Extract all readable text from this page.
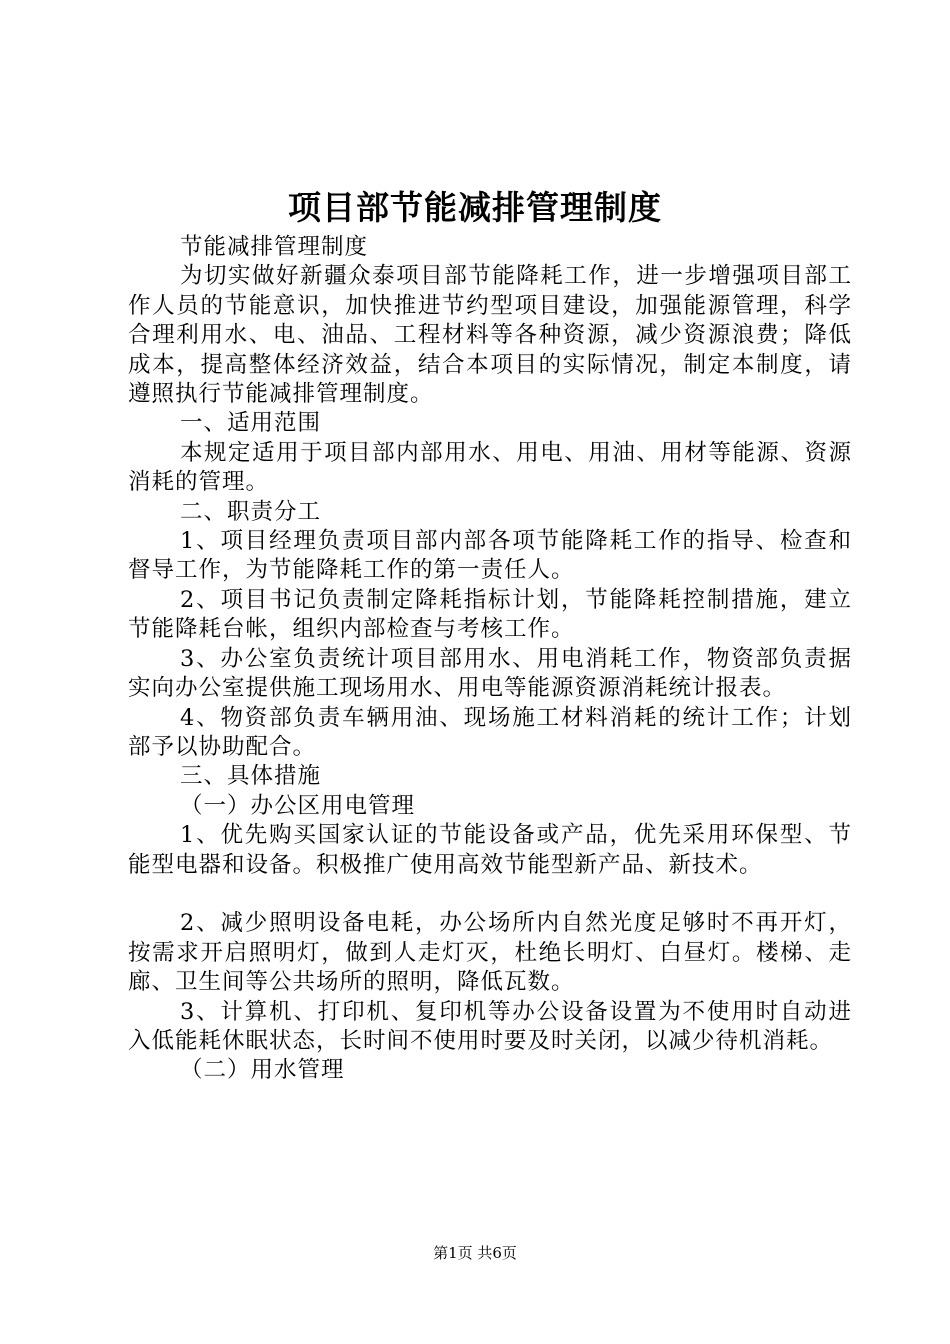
项目部节能减排管理制度

节能减排管理制度

为切实做好新疆众泰项目部节能降耗工作，进一步增强项目部工作人员的节能意识，加快推进节约型项目建设，加强能源管理，科学合理利用水、电、油品、工程材料等各种资源，减少资源浪费；降低成本，提高整体经济效益，结合本项目的实际情况，制定本制度，请遵照执行节能减排管理制度。

一、适用范围

本规定适用于项目部内部用水、用电、用油、用材等能源、资源消耗的管理。

二、职责分工

1、项目经理负责项目部内部各项节能降耗工作的指导、检查和督导工作，为节能降耗工作的第一责任人。

2、项目书记负责制定降耗指标计划，节能降耗控制措施，建立节能降耗台帐，组织内部检查与考核工作。

3、办公室负责统计项目部用水、用电消耗工作，物资部负责据实向办公室提供施工现场用水、用电等能源资源消耗统计报表。

4、物资部负责车辆用油、现场施工材料消耗的统计工作；计划部予以协助配合。

三、具体措施

（一）办公区用电管理

1、优先购买国家认证的节能设备或产品，优先采用环保型、节能型电器和设备。积极推广使用高效节能型新产品、新技术。

2、减少照明设备电耗，办公场所内自然光度足够时不再开灯，按需求开启照明灯，做到人走灯灭，杜绝长明灯、白昼灯。楼梯、走廊、卫生间等公共场所的照明，降低瓦数。

3、计算机、打印机、复印机等办公设备设置为不使用时自动进入低能耗休眠状态，长时间不使用时要及时关闭，以减少待机消耗。

（二）用水管理

第1页 共6页
